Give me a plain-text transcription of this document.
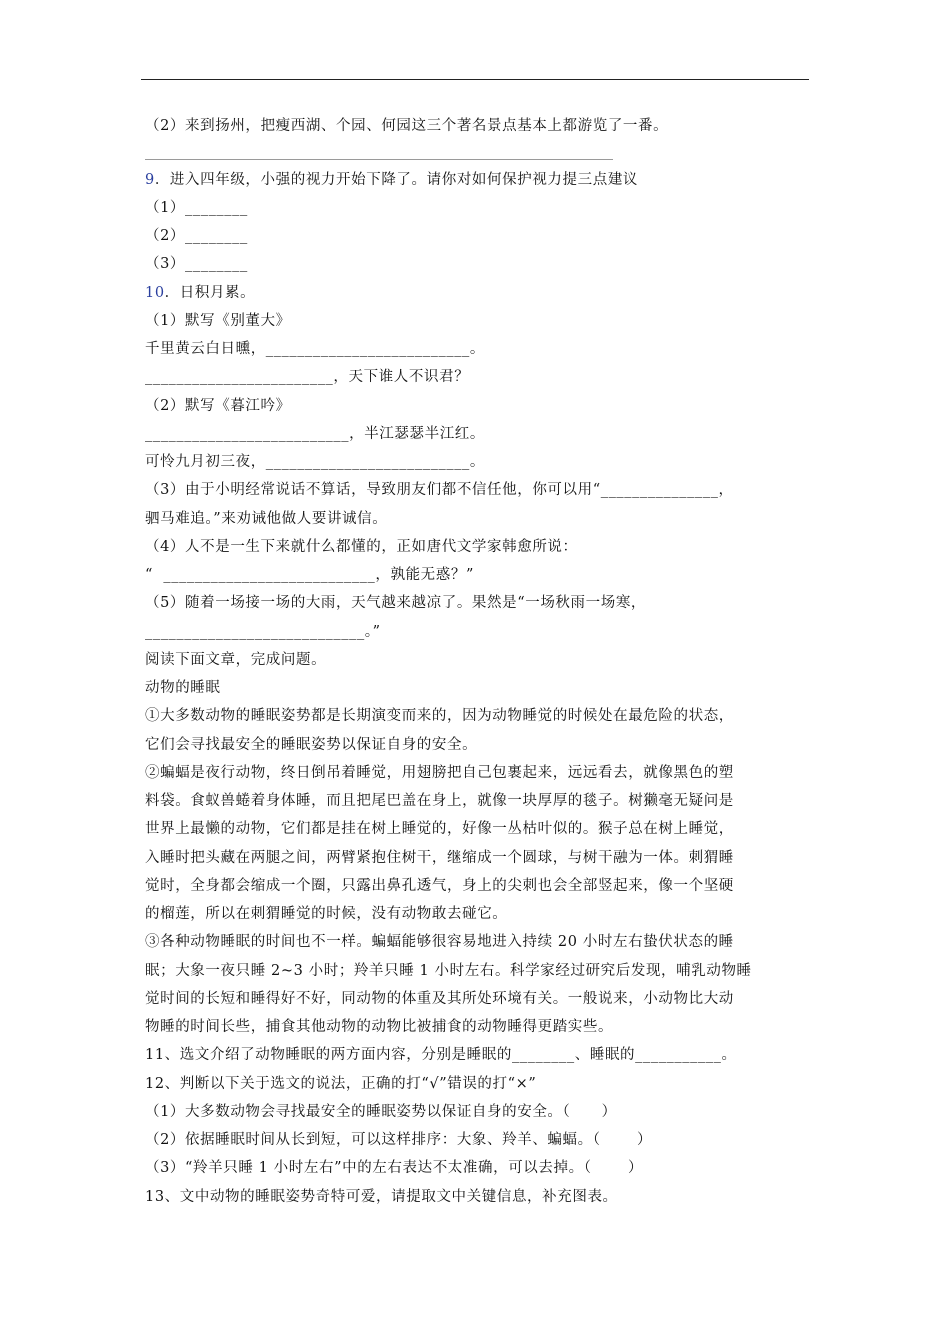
（2）来到扬州，把瘦西湖、个园、何园这三个著名景点基本上都游览了一番。
9．进入四年级，小强的视力开始下降了。请你对如何保护视力提三点建议
（1）________
（2）________
（3）________
10．日积月累。
（1）默写《别董大》
千里黄云白日曛，__________________________。
________________________，天下谁人不识君？
（2）默写《暮江吟》
__________________________，半江瑟瑟半江红。
可怜九月初三夜，__________________________。
（3）由于小明经常说话不算话，导致朋友们都不信任他，你可以用“_______________，
驷马难追。”来劝诫他做人要讲诚信。
（4）人不是一生下来就什么都懂的，正如唐代文学家韩愈所说：
“  ___________________________，孰能无惑？”
（5）随着一场接一场的大雨，天气越来越凉了。果然是“一场秋雨一场寒，
____________________________。”
阅读下面文章，完成问题。
动物的睡眠
①大多数动物的睡眠姿势都是长期演变而来的，因为动物睡觉的时候处在最危险的状态，
它们会寻找最安全的睡眠姿势以保证自身的安全。
②蝙蝠是夜行动物，终日倒吊着睡觉，用翅膀把自己包裹起来，远远看去，就像黑色的塑
料袋。食蚁兽蜷着身体睡，而且把尾巴盖在身上，就像一块厚厚的毯子。树獭毫无疑问是
世界上最懒的动物，它们都是挂在树上睡觉的，好像一丛枯叶似的。猴子总在树上睡觉，
入睡时把头藏在两腿之间，两臂紧抱住树干，继缩成一个圆球，与树干融为一体。刺猬睡
觉时，全身都会缩成一个圈，只露出鼻孔透气，身上的尖刺也会全部竖起来，像一个坚硬
的榴莲，所以在刺猬睡觉的时候，没有动物敢去碰它。
③各种动物睡眠的时间也不一样。蝙蝠能够很容易地进入持续 20 小时左右蛰伏状态的睡
眠；大象一夜只睡 2~3 小时；羚羊只睡 1 小时左右。科学家经过研究后发现，哺乳动物睡
觉时间的长短和睡得好不好，同动物的体重及其所处环境有关。一般说来，小动物比大动
物睡的时间长些，捕食其他动物的动物比被捕食的动物睡得更踏实些。
11、选文介绍了动物睡眠的两方面内容，分别是睡眠的________、睡眠的___________。
12、判断以下关于选文的说法，正确的打“√”错误的打“×”
（1）大多数动物会寻找最安全的睡眠姿势以保证自身的安全。（      ）
（2）依据睡眠时间从长到短，可以这样排序：大象、羚羊、蝙蝠。（       ）
（3）“羚羊只睡 1 小时左右”中的左右表达不太准确，可以去掉。（       ）
13、文中动物的睡眠姿势奇特可爱，请提取文中关键信息，补充图表。
